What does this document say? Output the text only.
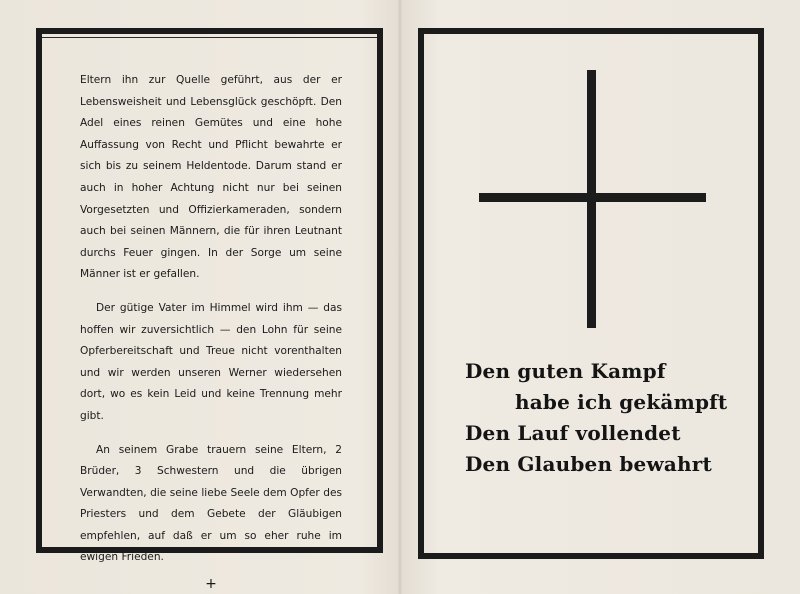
Eltern ihn zur Quelle geführt, aus der er Lebensweisheit und Lebensglück geschöpft. Den Adel eines reinen Gemütes und eine hohe Auffassung von Recht und Pflicht bewahrte er sich bis zu seinem Heldentode. Darum stand er auch in hoher Achtung nicht nur bei seinen Vorgesetzten und Offizierkameraden, sondern auch bei seinen Männern, die für ihren Leutnant durchs Feuer gingen. In der Sorge um seine Männer ist er gefallen.

Der gütige Vater im Himmel wird ihm — das hoffen wir zuversichtlich — den Lohn für seine Opferbereitschaft und Treue nicht vorenthalten und wir werden unseren Werner wiedersehen dort, wo es kein Leid und keine Trennung mehr gibt.

An seinem Grabe trauern seine Eltern, 2 Brüder, 3 Schwestern und die übrigen Verwandten, die seine liebe Seele dem Opfer des Priesters und dem Gebete der Gläubigen empfehlen, auf daß er um so eher ruhe im ewigen Frieden.

+
Den guten Kampf
habe ich gekämpft
Den Lauf vollendet
Den Glauben bewahrt
